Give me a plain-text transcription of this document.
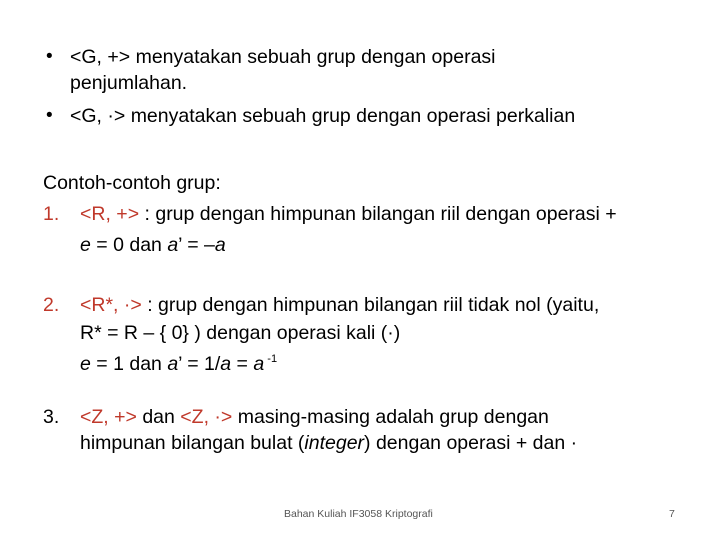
• <G, +> menyatakan sebuah grup dengan operasi
penjumlahan.
• <G, ·> menyatakan sebuah grup dengan operasi perkalian
Contoh-contoh grup:
1. <R, +> : grup dengan himpunan bilangan riil dengan operasi +
e = 0 dan a’ = –a
2. <R*, ·> : grup dengan himpunan bilangan riil tidak nol (yaitu,
R* = R – { 0} ) dengan operasi kali (·)
e = 1 dan a’ = 1/a = a $^{-1}$
3. <Z, +> dan <Z, ·> masing-masing adalah grup dengan
himpunan bilangan bulat (integer) dengan operasi + dan ·
Bahan Kuliah IF3058 Kriptografi	7
